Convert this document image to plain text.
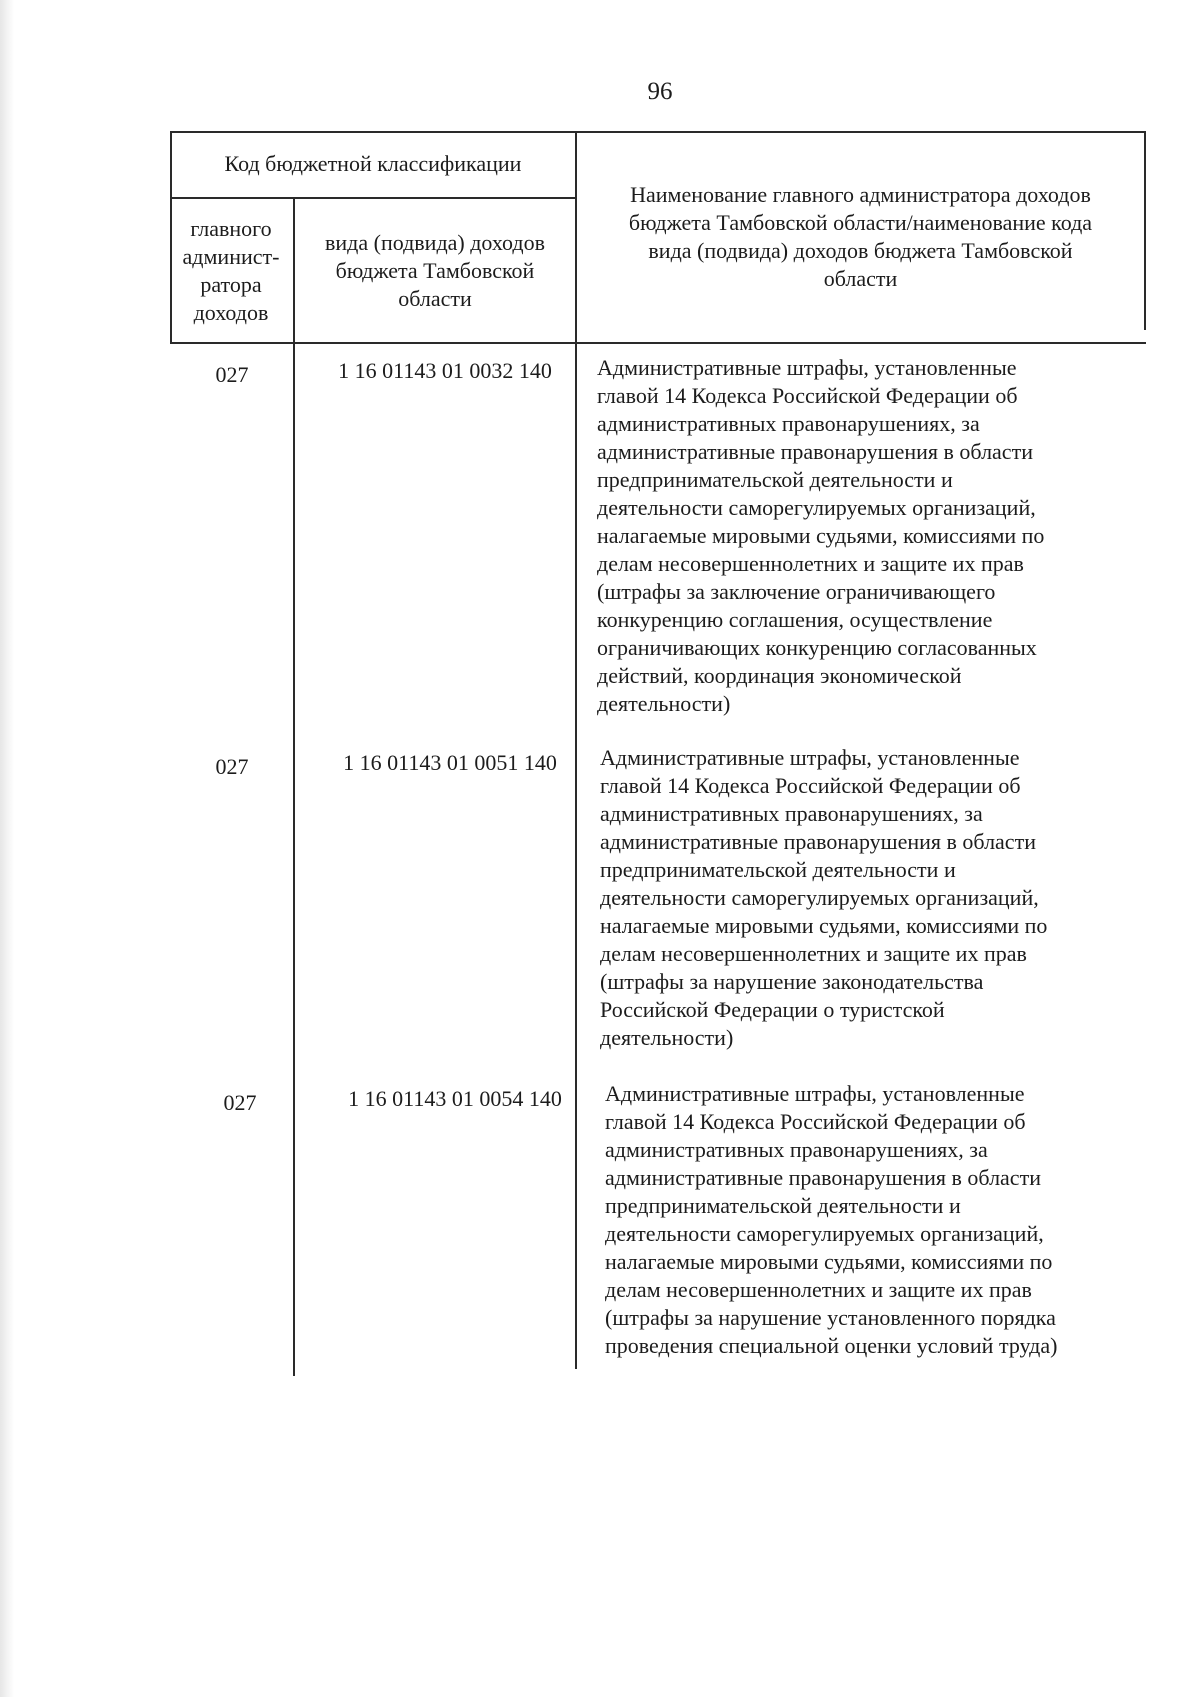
96
Код бюджетной классификации
главного
админист-
ратора
доходов
вида (подвида) доходов
бюджета Тамбовской
области
Наименование главного администратора доходов
бюджета Тамбовской области/наименование кода
вида (подвида) доходов бюджета Тамбовской
области
027	1 16 01143 01 0032 140	Административные штрафы, установленные
главой 14 Кодекса Российской Федерации об
административных правонарушениях, за
административные правонарушения в области
предпринимательской деятельности и
деятельности саморегулируемых организаций,
налагаемые мировыми судьями, комиссиями по
делам несовершеннолетних и защите их прав
(штрафы за заключение ограничивающего
конкуренцию соглашения, осуществление
ограничивающих конкуренцию согласованных
действий, координация экономической
деятельности)
027	1 16 01143 01 0051 140	Административные штрафы, установленные
главой 14 Кодекса Российской Федерации об
административных правонарушениях, за
административные правонарушения в области
предпринимательской деятельности и
деятельности саморегулируемых организаций,
налагаемые мировыми судьями, комиссиями по
делам несовершеннолетних и защите их прав
(штрафы за нарушение законодательства
Российской Федерации о туристской
деятельности)
027	1 16 01143 01 0054 140	Административные штрафы, установленные
главой 14 Кодекса Российской Федерации об
административных правонарушениях, за
административные правонарушения в области
предпринимательской деятельности и
деятельности саморегулируемых организаций,
налагаемые мировыми судьями, комиссиями по
делам несовершеннолетних и защите их прав
(штрафы за нарушение установленного порядка
проведения специальной оценки условий труда)
